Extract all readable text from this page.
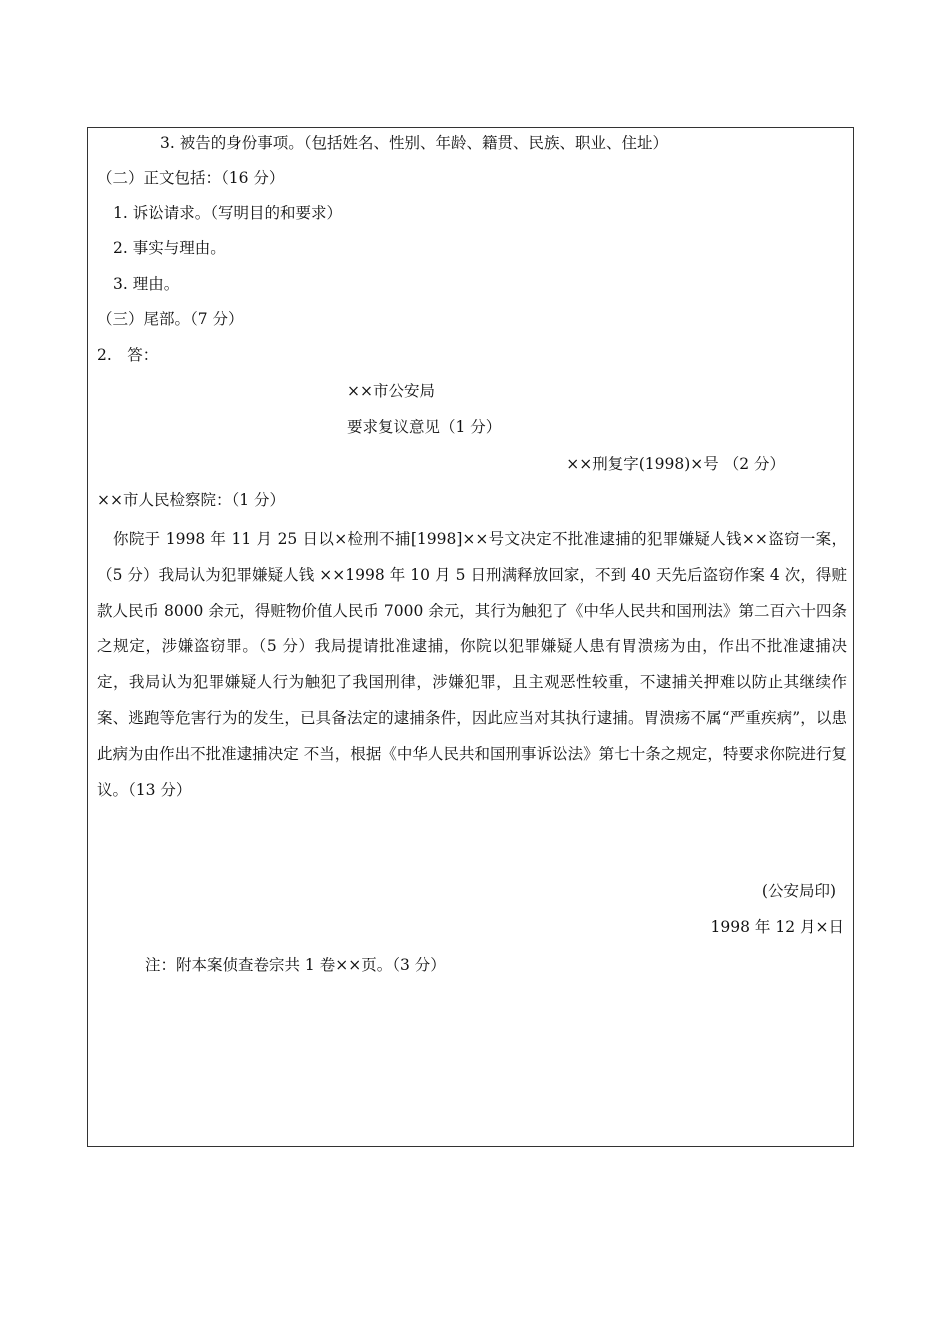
3. 被告的身份事项。（包括姓名、性别、年龄、籍贯、民族、职业、住址）
（二）正文包括：（16 分）
1. 诉讼请求。（写明目的和要求）
2. 事实与理由。
3. 理由。
（三）尾部。（7 分）
2.　答：
××市公安局
要求复议意见（1 分）
××刑复字(1998)×号 （2 分）
××市人民检察院：（1 分）
你院于 1998 年 11 月 25 日以×检刑不捕[1998]××号文决定不批准逮捕的犯罪嫌疑人钱××盗窃一案，（5 分）我局认为犯罪嫌疑人钱 ××1998 年 10 月 5 日刑满释放回家，不到 40 天先后盗窃作案 4 次，得赃款人民币 8000 余元，得赃物价值人民币 7000 余元，其行为触犯了《中华人民共和国刑法》第二百六十四条之规定，涉嫌盗窃罪。（5 分）我局提请批准逮捕，你院以犯罪嫌疑人患有胃溃疡为由，作出不批准逮捕决定，我局认为犯罪嫌疑人行为触犯了我国刑律，涉嫌犯罪，且主观恶性较重，不逮捕关押难以防止其继续作案、逃跑等危害行为的发生，已具备法定的逮捕条件，因此应当对其执行逮捕。胃溃疡不属“严重疾病”，以患此病为由作出不批准逮捕决定 不当，根据《中华人民共和国刑事诉讼法》第七十条之规定，特要求你院进行复议。（13 分）
(公安局印)
1998 年 12 月×日
注：附本案侦查卷宗共 1 卷××页。（3 分）
